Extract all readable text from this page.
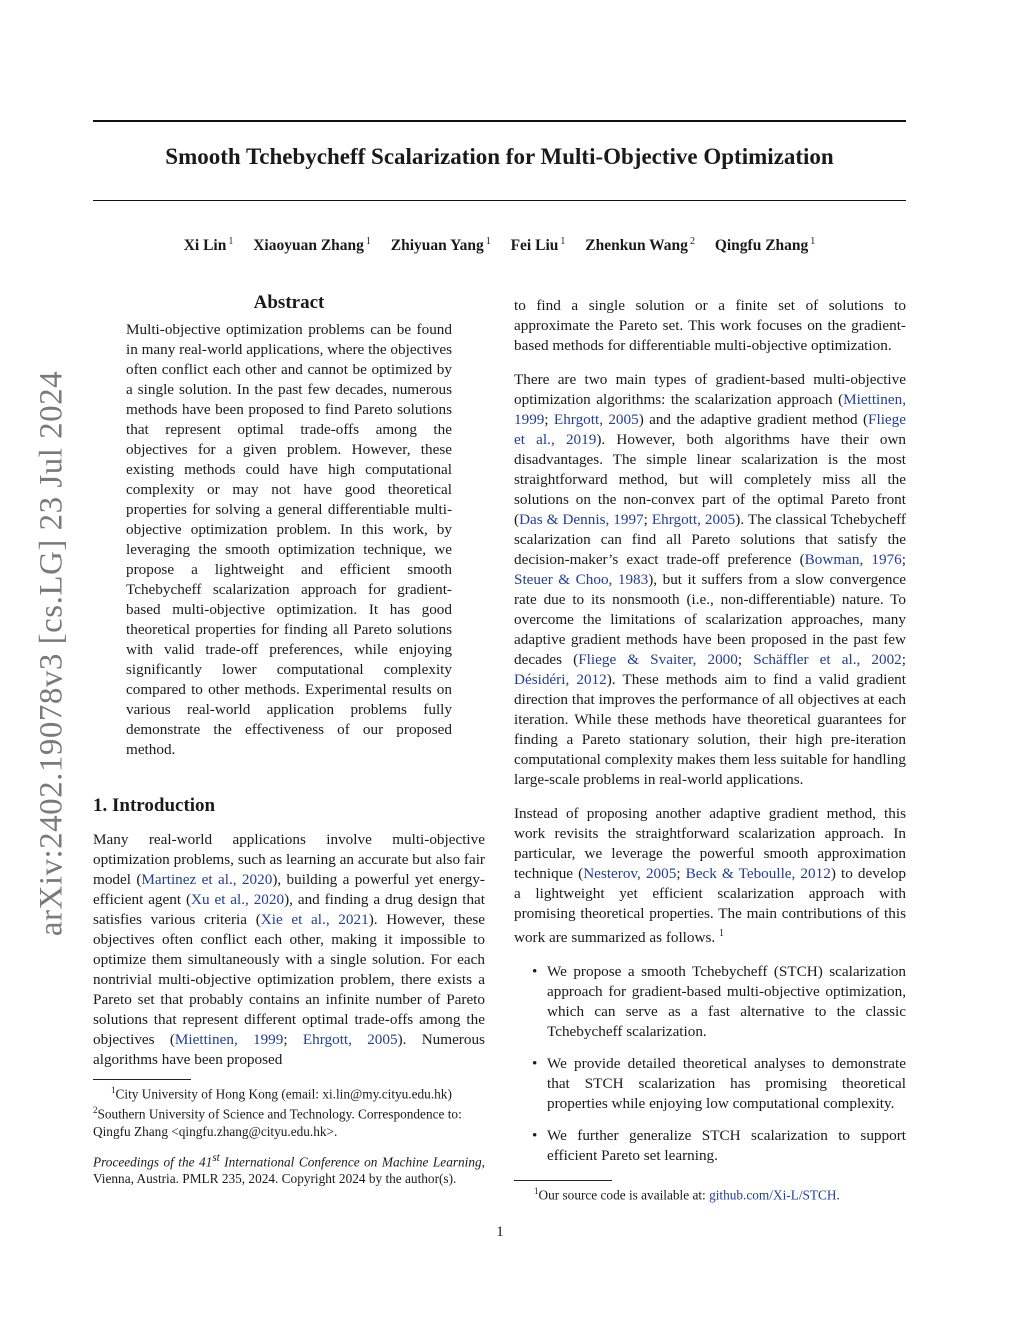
arXiv:2402.19078v3 [cs.LG] 23 Jul 2024
Smooth Tchebycheff Scalarization for Multi-Objective Optimization
Xi Lin $^1$ Xiaoyuan Zhang $^1$ Zhiyuan Yang $^1$ Fei Liu $^1$ Zhenkun Wang $^2$ Qingfu Zhang $^1$
Abstract
Multi-objective optimization problems can be found in many real-world applications, where the objectives often conflict each other and cannot be optimized by a single solution. In the past few decades, numerous methods have been proposed to find Pareto solutions that represent optimal trade-offs among the objectives for a given problem. However, these existing methods could have high computational complexity or may not have good theoretical properties for solving a general differentiable multi-objective optimization problem. In this work, by leveraging the smooth optimization technique, we propose a lightweight and efficient smooth Tchebycheff scalarization approach for gradient-based multi-objective optimization. It has good theoretical properties for finding all Pareto solutions with valid trade-off preferences, while enjoying significantly lower computational complexity compared to other methods. Experimental results on various real-world application problems fully demonstrate the effectiveness of our proposed method.
1. Introduction
Many real-world applications involve multi-objective optimization problems, such as learning an accurate but also fair model (Martinez et al., 2020), building a powerful yet energy-efficient agent (Xu et al., 2020), and finding a drug design that satisfies various criteria (Xie et al., 2021). However, these objectives often conflict each other, making it impossible to optimize them simultaneously with a single solution. For each nontrivial multi-objective optimization problem, there exists a Pareto set that probably contains an infinite number of Pareto solutions that represent different optimal trade-offs among the objectives (Miettinen, 1999; Ehrgott, 2005). Numerous algorithms have been proposed
$^1$City University of Hong Kong (email: xi.lin@my.cityu.edu.hk)
$^2$Southern University of Science and Technology. Correspondence to: Qingfu Zhang <qingfu.zhang@cityu.edu.hk>.
Proceedings of the 41st International Conference on Machine Learning, Vienna, Austria. PMLR 235, 2024. Copyright 2024 by the author(s).

to find a single solution or a finite set of solutions to approximate the Pareto set. This work focuses on the gradient-based methods for differentiable multi-objective optimization.

There are two main types of gradient-based multi-objective optimization algorithms: the scalarization approach (Miettinen, 1999; Ehrgott, 2005) and the adaptive gradient method (Fliege et al., 2019). However, both algorithms have their own disadvantages. The simple linear scalarization is the most straightforward method, but will completely miss all the solutions on the non-convex part of the optimal Pareto front (Das & Dennis, 1997; Ehrgott, 2005). The classical Tchebycheff scalarization can find all Pareto solutions that satisfy the decision-maker’s exact trade-off preference (Bowman, 1976; Steuer & Choo, 1983), but it suffers from a slow convergence rate due to its nonsmooth (i.e., non-differentiable) nature. To overcome the limitations of scalarization approaches, many adaptive gradient methods have been proposed in the past few decades (Fliege & Svaiter, 2000; Schäffler et al., 2002; Désidéri, 2012). These methods aim to find a valid gradient direction that improves the performance of all objectives at each iteration. While these methods have theoretical guarantees for finding a Pareto stationary solution, their high pre-iteration computational complexity makes them less suitable for handling large-scale problems in real-world applications.

Instead of proposing another adaptive gradient method, this work revisits the straightforward scalarization approach. In particular, we leverage the powerful smooth approximation technique (Nesterov, 2005; Beck & Teboulle, 2012) to develop a lightweight yet efficient scalarization approach with promising theoretical properties. The main contributions of this work are summarized as follows. $^1$

• We propose a smooth Tchebycheff (STCH) scalarization approach for gradient-based multi-objective optimization, which can serve as a fast alternative to the classic Tchebycheff scalarization.
• We provide detailed theoretical analyses to demonstrate that STCH scalarization has promising theoretical properties while enjoying low computational complexity.
• We further generalize STCH scalarization to support efficient Pareto set learning.
$^1$Our source code is available at: github.com/Xi-L/STCH.
1
